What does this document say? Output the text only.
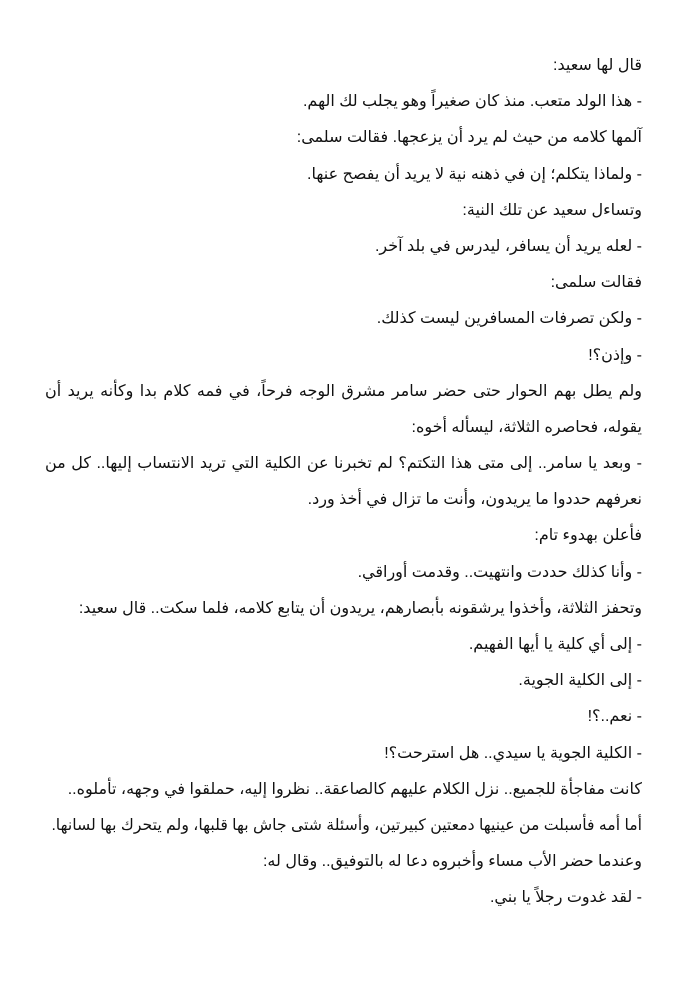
قال لها سعيد:
- هذا الولد متعب. منذ كان صغيراً وهو يجلب لك الهم.
آلمها كلامه من حيث لم يرد أن يزعجها. فقالت سلمى:
- ولماذا يتكلم؛ إن في ذهنه نية لا يريد أن يفصح عنها.
وتساءل سعيد عن تلك النية:
- لعله يريد أن يسافر، ليدرس في بلد آخر.
فقالت سلمى:
- ولكن تصرفات المسافرين ليست كذلك.
- وإذن؟!
ولم يطل بهم الحوار حتى حضر سامر مشرق الوجه فرحاً، في فمه كلام بدا وكأنه يريد أن
يقوله، فحاصره الثلاثة، ليسأله أخوه:
- وبعد يا سامر.. إلى متى هذا التكتم؟ لم تخبرنا عن الكلية التي تريد الانتساب إليها.. كل من
نعرفهم حددوا ما يريدون، وأنت ما تزال في أخذ ورد.
فأعلن بهدوء تام:
- وأنا كذلك حددت وانتهيت.. وقدمت أوراقي.
وتحفز الثلاثة، وأخذوا يرشقونه بأبصارهم، يريدون أن يتابع كلامه، فلما سكت.. قال سعيد:
- إلى أي كلية يا أيها الفهيم.
- إلى الكلية الجوية.
- نعم..؟!
- الكلية الجوية يا سيدي.. هل استرحت؟!
كانت مفاجأة للجميع.. نزل الكلام عليهم كالصاعقة.. نظروا إليه، حملقوا في وجهه، تأملوه..
أما أمه فأسبلت من عينيها دمعتين كبيرتين، وأسئلة شتى جاش بها قلبها، ولم يتحرك بها لسانها.
وعندما حضر الأب مساء وأخبروه دعا له بالتوفيق.. وقال له:
- لقد غدوت رجلاً يا بني.
